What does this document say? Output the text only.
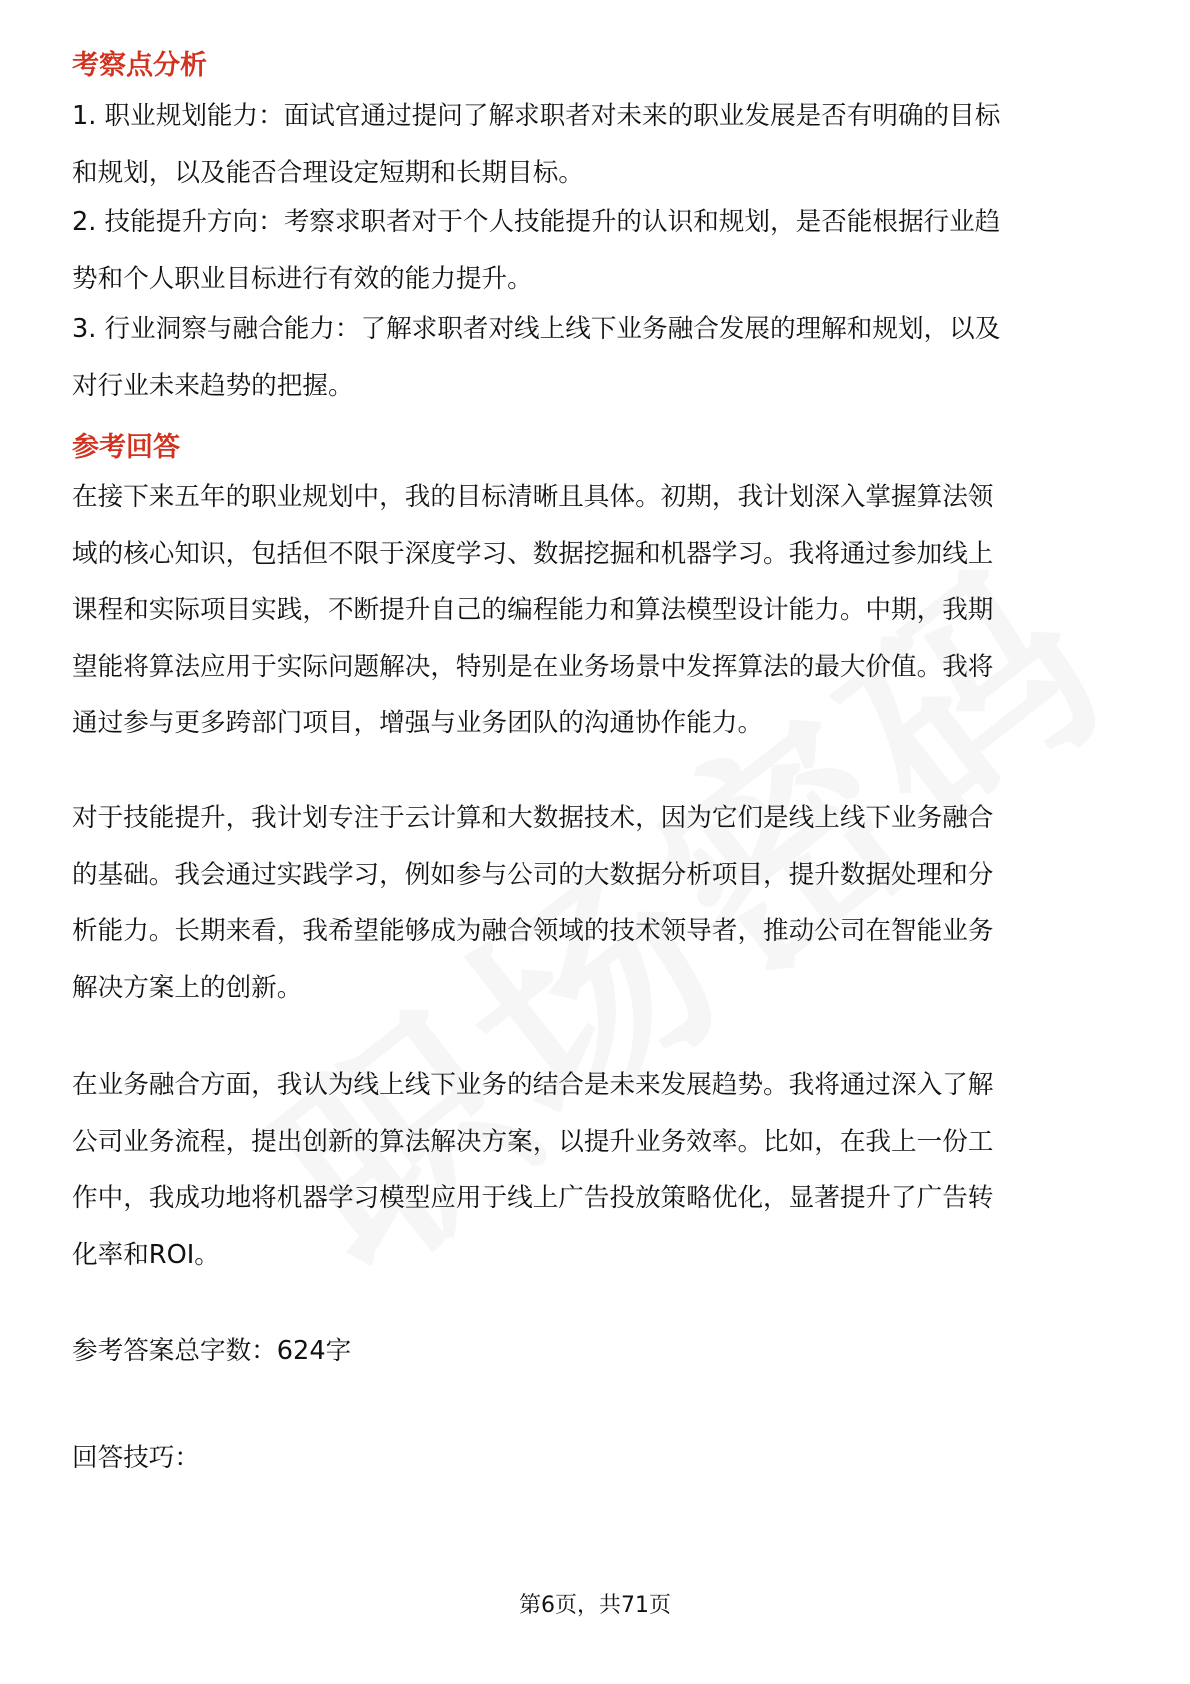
考察点分析

1. 职业规划能力：面试官通过提问了解求职者对未来的职业发展是否有明确的目标
和规划，以及能否合理设定短期和长期目标。

2. 技能提升方向：考察求职者对于个人技能提升的认识和规划，是否能根据行业趋
势和个人职业目标进行有效的能力提升。

3. 行业洞察与融合能力：了解求职者对线上线下业务融合发展的理解和规划，以及
对行业未来趋势的把握。

参考回答

在接下来五年的职业规划中，我的目标清晰且具体。初期，我计划深入掌握算法领
域的核心知识，包括但不限于深度学习、数据挖掘和机器学习。我将通过参加线上
课程和实际项目实践，不断提升自己的编程能力和算法模型设计能力。中期，我期
望能将算法应用于实际问题解决，特别是在业务场景中发挥算法的最大价值。我将
通过参与更多跨部门项目，增强与业务团队的沟通协作能力。

对于技能提升，我计划专注于云计算和大数据技术，因为它们是线上线下业务融合
的基础。我会通过实践学习，例如参与公司的大数据分析项目，提升数据处理和分
析能力。长期来看，我希望能够成为融合领域的技术领导者，推动公司在智能业务
解决方案上的创新。

在业务融合方面，我认为线上线下业务的结合是未来发展趋势。我将通过深入了解
公司业务流程，提出创新的算法解决方案，以提升业务效率。比如，在我上一份工
作中，我成功地将机器学习模型应用于线上广告投放策略优化，显著提升了广告转
化率和ROI。

参考答案总字数：624字

回答技巧：

第6页，共71页
